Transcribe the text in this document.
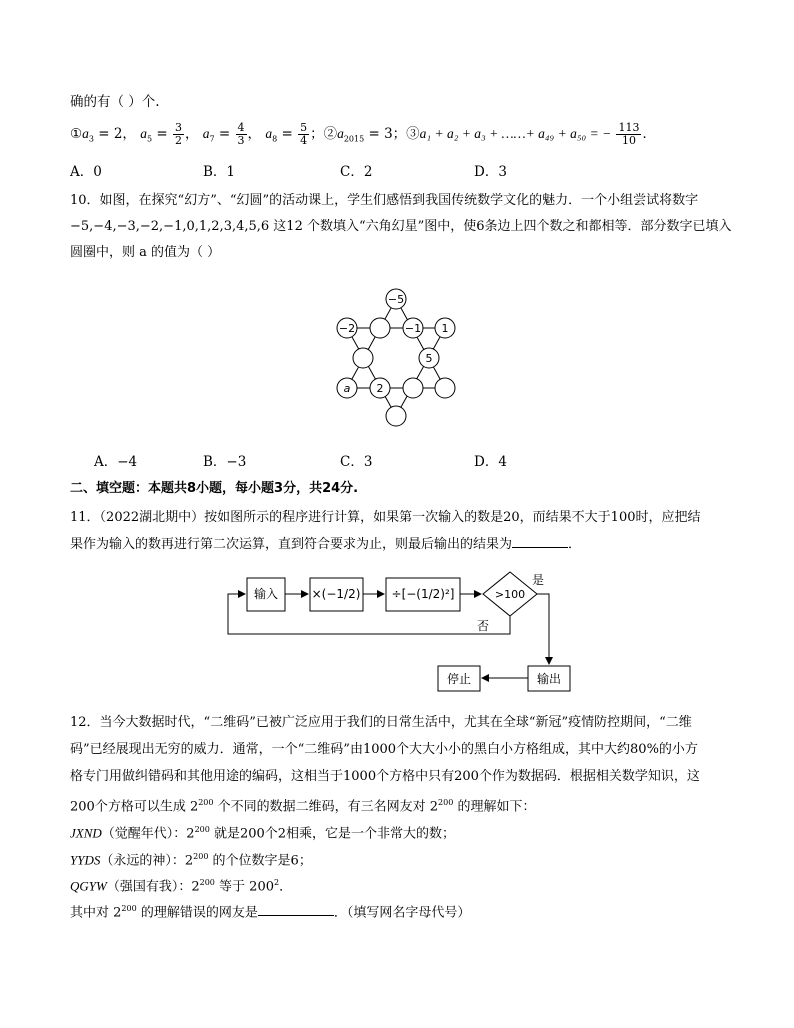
确的有（ ）个.
$①a_3 = 2$， $a_5 = \frac{3}{2}$ ， $a_7 = \frac{4}{3}$ ， $a_8 = \frac{5}{4}$ ；$②a_{2015} = 3$；③a₁ + a₂ + a₃ + ……+ a₄₉ + a₅₀ = − $\frac{113}{10}$ ．
A．0	B．1	C．2	D．3
10．如图，在探究“幻方”、“幻圆”的活动课上，学生们感悟到我国传统数学文化的魅力．一个小组尝试将数字
−5,−4,−3,−2,−1,0,1,2,3,4,5,6 这12 个数填入“六角幻星”图中，使6条边上四个数之和都相等．部分数字已填入
圆圈中，则 a 的值为（ ）
−5
−2	−1 1
5
a 2
A．−4	B．−3	C．3	D．4
二、填空题：本题共8小题，每小题3分，共24分.
11．（2022湖北期中）按如图所示的程序进行计算，如果第一次输入的数是20，而结果不大于100时，应把结
果作为输入的数再进行第二次运算，直到符合要求为止，则最后输出的结果为	．
输入	×(−1/2)	÷[−(1/2)²]	>100
是
否
输出
停止
12．当今大数据时代，“二维码”已被广泛应用于我们的日常生活中，尤其在全球“新冠”疫情防控期间，“二维
码”已经展现出无穷的威力．通常，一个“二维码”由1000个大大小小的黑白小方格组成，其中大约80%的小方
格专门用做纠错码和其他用途的编码，这相当于1000个方格中只有200个作为数据码．根据相关数学知识，这
200个方格可以生成 $2^{200}$ 个不同的数据二维码，有三名网友对 $2^{200}$ 的理解如下：
JXND（觉醒年代）：$2^{200}$ 就是200个2相乘，它是一个非常大的数；
YYDS（永远的神）：$2^{200}$ 的个位数字是6；
QGYW（强国有我）：$2^{200}$ 等于 $200^2$．
其中对 $2^{200}$ 的理解错误的网友是	．（填写网名字母代号）
